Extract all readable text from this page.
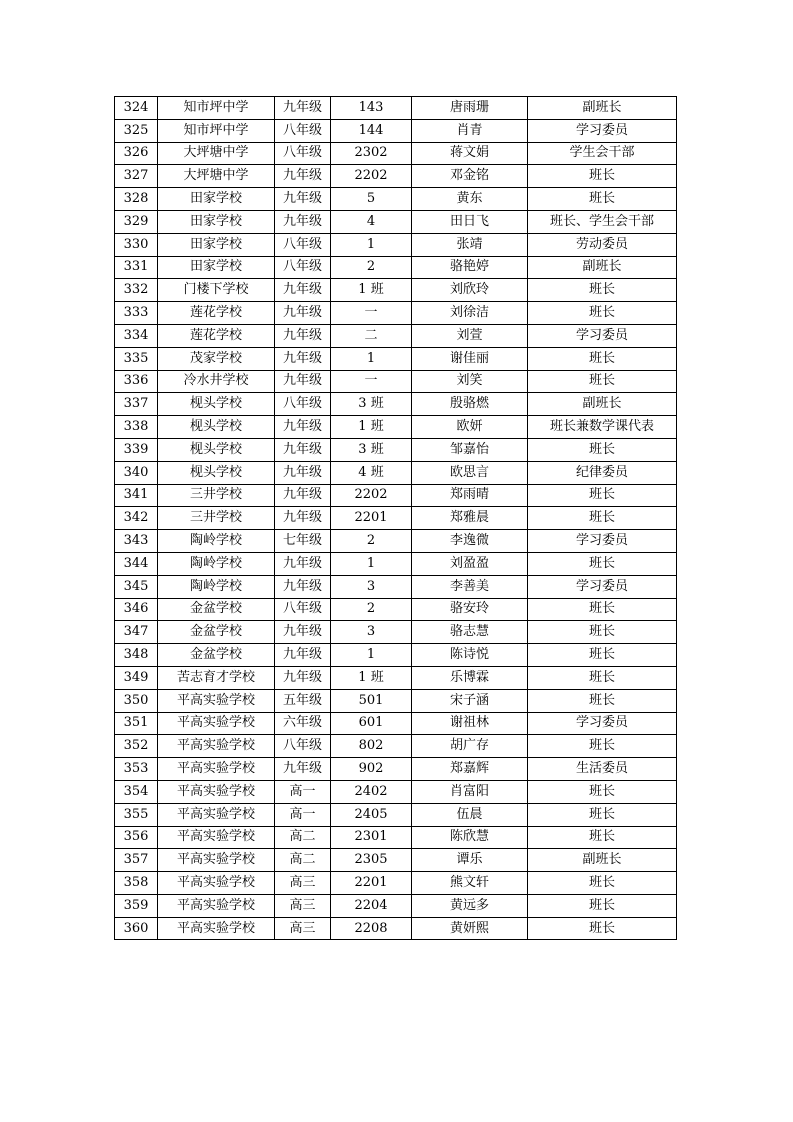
324	知市坪中学	九年级	143	唐雨珊	副班长
325	知市坪中学	八年级	144	肖青	学习委员
326	大坪塘中学	八年级	2302	蒋文娟	学生会干部
327	大坪塘中学	九年级	2202	邓金铭	班长
328	田家学校	九年级	5	黄东	班长
329	田家学校	九年级	4	田日飞	班长、学生会干部
330	田家学校	八年级	1	张靖	劳动委员
331	田家学校	八年级	2	骆艳婷	副班长
332	门楼下学校	九年级	1 班	刘欣玲	班长
333	莲花学校	九年级	一	刘徐洁	班长
334	莲花学校	九年级	二	刘萱	学习委员
335	茂家学校	九年级	1	谢佳丽	班长
336	冷水井学校	九年级	一	刘笑	班长
337	枧头学校	八年级	3 班	殷骆燃	副班长
338	枧头学校	九年级	1 班	欧妍	班长兼数学课代表
339	枧头学校	九年级	3 班	邹嘉怡	班长
340	枧头学校	九年级	4 班	欧思言	纪律委员
341	三井学校	九年级	2202	郑雨晴	班长
342	三井学校	九年级	2201	郑雅晨	班长
343	陶岭学校	七年级	2	李逸微	学习委员
344	陶岭学校	九年级	1	刘盈盈	班长
345	陶岭学校	九年级	3	李善美	学习委员
346	金盆学校	八年级	2	骆安玲	班长
347	金盆学校	九年级	3	骆志慧	班长
348	金盆学校	九年级	1	陈诗悦	班长
349	苦志育才学校	九年级	1 班	乐博霖	班长
350	平高实验学校	五年级	501	宋子涵	班长
351	平高实验学校	六年级	601	谢祖林	学习委员
352	平高实验学校	八年级	802	胡广存	班长
353	平高实验学校	九年级	902	郑嘉辉	生活委员
354	平高实验学校	高一	2402	肖富阳	班长
355	平高实验学校	高一	2405	伍晨	班长
356	平高实验学校	高二	2301	陈欣慧	班长
357	平高实验学校	高二	2305	谭乐	副班长
358	平高实验学校	高三	2201	熊文轩	班长
359	平高实验学校	高三	2204	黄远多	班长
360	平高实验学校	高三	2208	黄妍熙	班长
